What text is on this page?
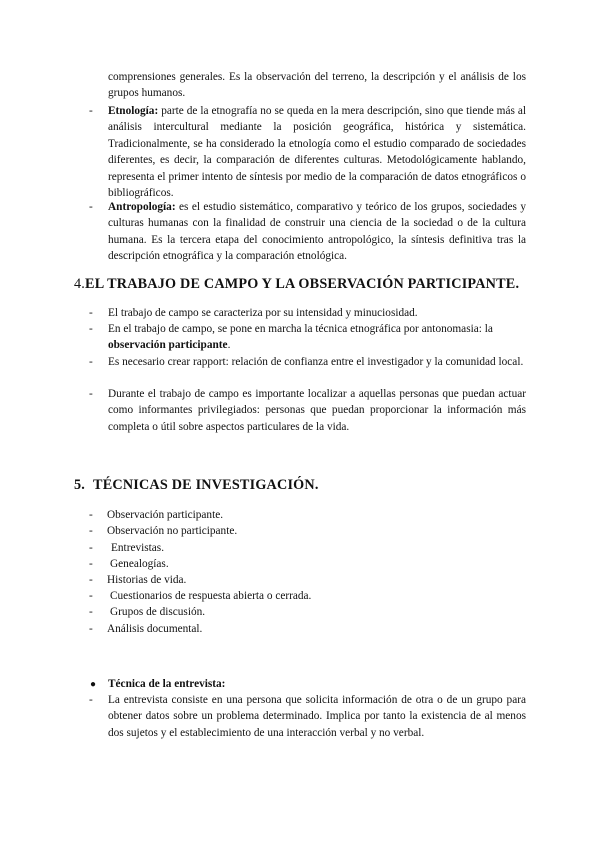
comprensiones generales. Es la observación del terreno, la descripción y el análisis de los grupos humanos.
- Etnología: parte de la etnografía no se queda en la mera descripción, sino que tiende más al análisis intercultural mediante la posición geográfica, histórica y sistemática. Tradicionalmente, se ha considerado la etnología como el estudio comparado de sociedades diferentes, es decir, la comparación de diferentes culturas. Metodológicamente hablando, representa el primer intento de síntesis por medio de la comparación de datos etnográficos o bibliográficos.
- Antropología: es el estudio sistemático, comparativo y teórico de los grupos, sociedades y culturas humanas con la finalidad de construir una ciencia de la sociedad o de la cultura humana. Es la tercera etapa del conocimiento antropológico, la síntesis definitiva tras la descripción etnográfica y la comparación etnológica.
4.EL TRABAJO DE CAMPO Y LA OBSERVACIÓN PARTICIPANTE.
- El trabajo de campo se caracteriza por su intensidad y minuciosidad.
- En el trabajo de campo, se pone en marcha la técnica etnográfica por antonomasia: la observación participante.
- Es necesario crear rapport: relación de confianza entre el investigador y la comunidad local.
- Durante el trabajo de campo es importante localizar a aquellas personas que puedan actuar como informantes privilegiados: personas que puedan proporcionar la información más completa o útil sobre aspectos particulares de la vida.
5. TÉCNICAS DE INVESTIGACIÓN.
- Observación participante.
- Observación no participante.
- Entrevistas.
- Genealogías.
- Historias de vida.
- Cuestionarios de respuesta abierta o cerrada.
- Grupos de discusión.
- Análisis documental.
● Técnica de la entrevista:
- La entrevista consiste en una persona que solicita información de otra o de un grupo para obtener datos sobre un problema determinado. Implica por tanto la existencia de al menos dos sujetos y el establecimiento de una interacción verbal y no verbal.
